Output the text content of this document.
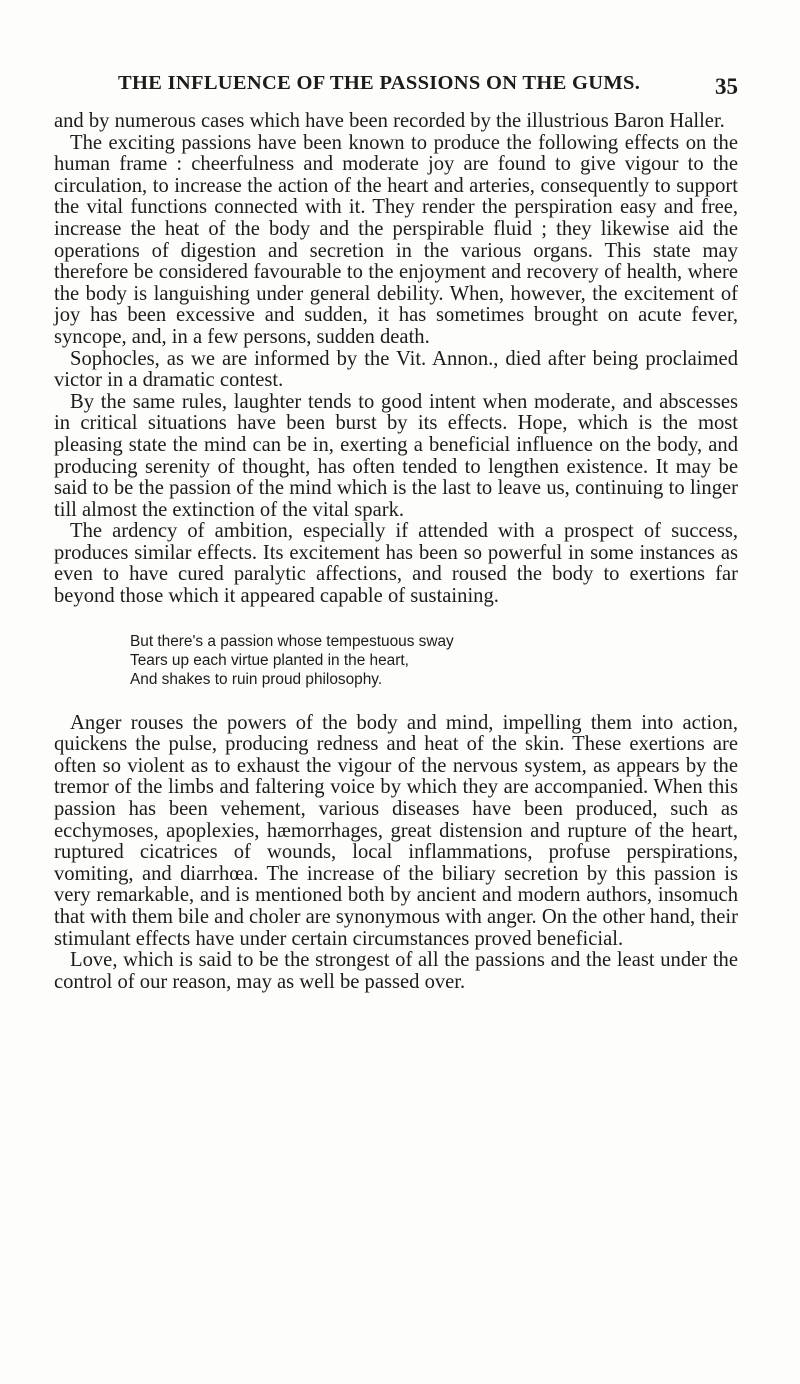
THE INFLUENCE OF THE PASSIONS ON THE GUMS.	35

and by numerous cases which have been recorded by the illustrious Baron Haller.

The exciting passions have been known to produce the following effects on the human frame : cheerfulness and moderate joy are found to give vigour to the circulation, to increase the action of the heart and arteries, consequently to support the vital functions connected with it. They render the perspiration easy and free, increase the heat of the body and the perspirable fluid ; they likewise aid the operations of digestion and secretion in the various organs. This state may therefore be considered favourable to the enjoyment and recovery of health, where the body is languishing under general debility. When, however, the excitement of joy has been excessive and sudden, it has sometimes brought on acute fever, syncope, and, in a few persons, sudden death.

Sophocles, as we are informed by the Vit. Annon., died after being proclaimed victor in a dramatic contest.

By the same rules, laughter tends to good intent when moderate, and abscesses in critical situations have been burst by its effects. Hope, which is the most pleasing state the mind can be in, exerting a beneficial influence on the body, and producing serenity of thought, has often tended to lengthen existence. It may be said to be the passion of the mind which is the last to leave us, continuing to linger till almost the extinction of the vital spark.

The ardency of ambition, especially if attended with a prospect of success, produces similar effects. Its excitement has been so powerful in some instances as even to have cured paralytic affections, and roused the body to exertions far beyond those which it appeared capable of sustaining.

But there's a passion whose tempestuous sway
Tears up each virtue planted in the heart,
And shakes to ruin proud philosophy.

Anger rouses the powers of the body and mind, impelling them into action, quickens the pulse, producing redness and heat of the skin. These exertions are often so violent as to exhaust the vigour of the nervous system, as appears by the tremor of the limbs and faltering voice by which they are accompanied. When this passion has been vehement, various diseases have been produced, such as ecchymoses, apoplexies, hæmorrhages, great distension and rupture of the heart, ruptured cicatrices of wounds, local inflammations, profuse perspirations, vomiting, and diarrhœa. The increase of the biliary secretion by this passion is very remarkable, and is mentioned both by ancient and modern authors, insomuch that with them bile and choler are synonymous with anger. On the other hand, their stimulant effects have under certain circumstances proved beneficial.

Love, which is said to be the strongest of all the passions and the least under the control of our reason, may as well be passed over.
